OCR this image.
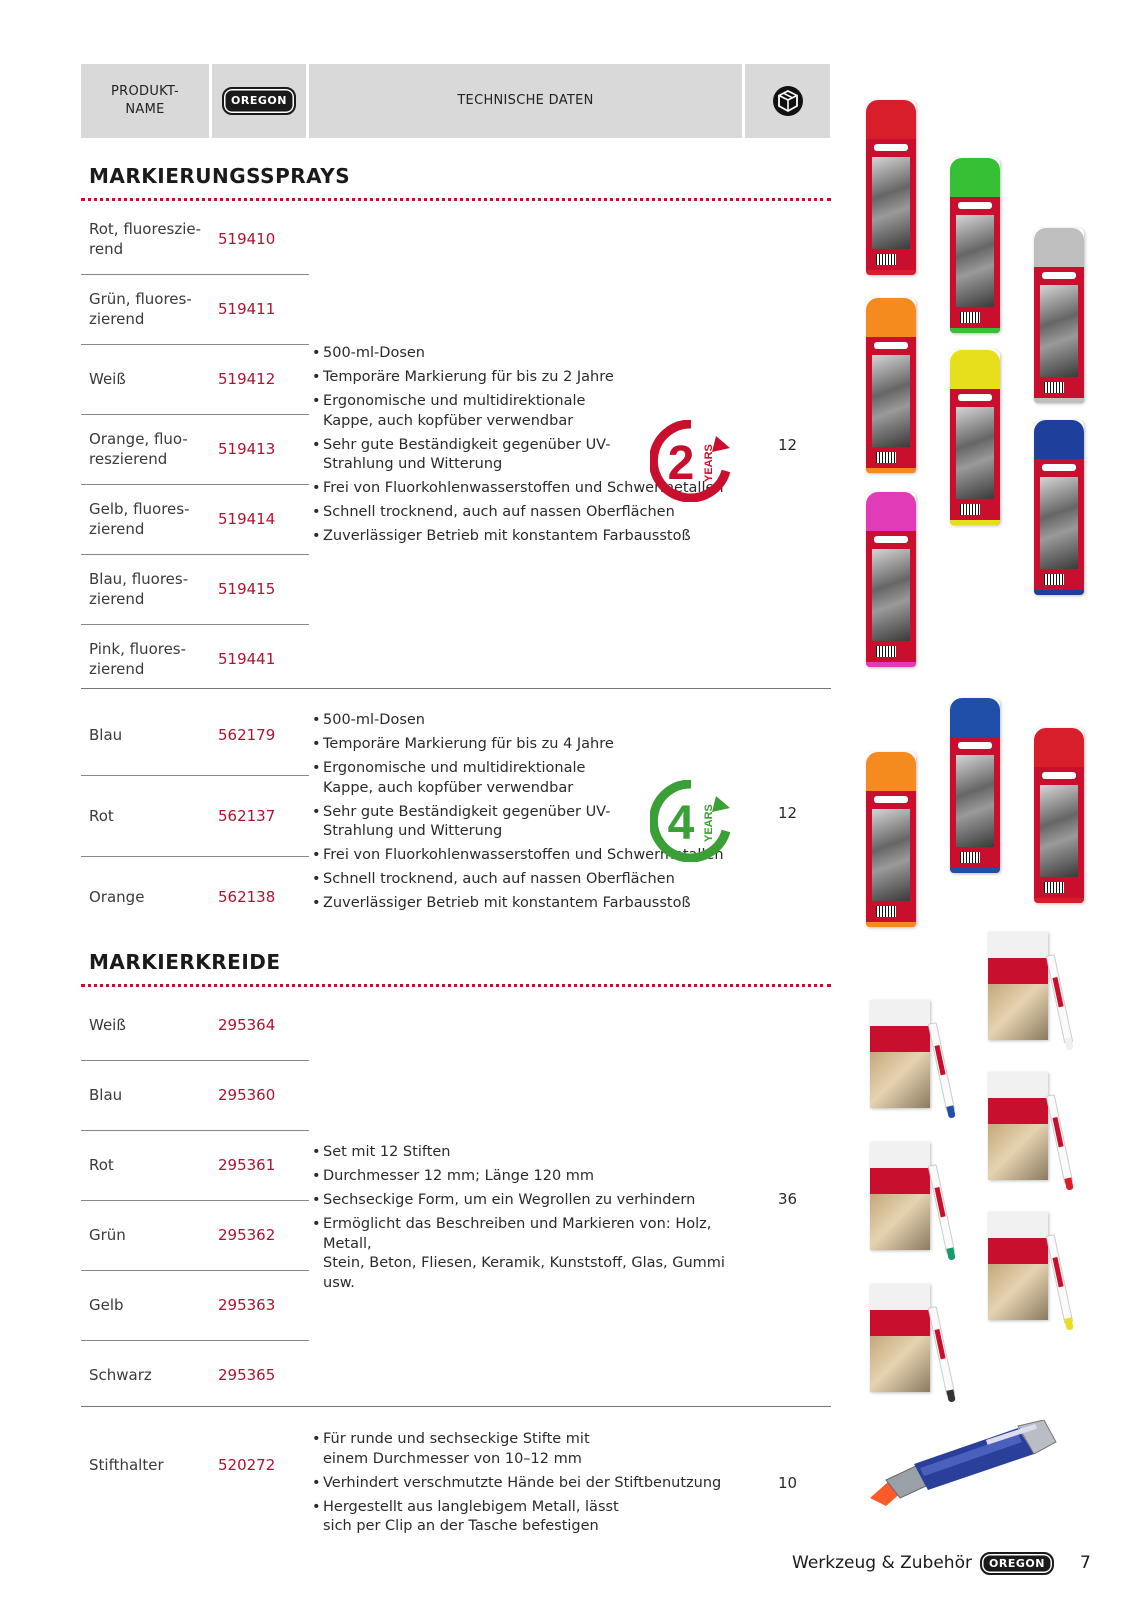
PRODUKT-
NAME
OREGON	TECHNISCHE DATEN
MARKIERUNGSSPRAYS
Rot, fluoreszie-
rend
519410
Grün, fluores-
zierend
519411
Weiß	519412
Orange, fluo-
reszierend
519413
Gelb, fluores-
zierend
519414
Blau, fluores-
zierend
519415
Pink, fluores-
zierend
519441
• 500-ml-Dosen
• Temporäre Markierung für bis zu 2 Jahre
• Ergonomische und multidirektionale
Kappe, auch kopfüber verwendbar
• Sehr gute Beständigkeit gegenüber UV-
Strahlung und Witterung
• Frei von Fluorkohlenwasserstoffen und Schwermetallen
• Schnell trocknend, auch auf nassen Oberflächen
• Zuverlässiger Betrieb mit konstantem Farbausstoß
2 YEARS	12
Blau	562179
Rot	562137
Orange	562138
• 500-ml-Dosen
• Temporäre Markierung für bis zu 4 Jahre
• Ergonomische und multidirektionale
Kappe, auch kopfüber verwendbar
• Sehr gute Beständigkeit gegenüber UV-
Strahlung und Witterung
• Frei von Fluorkohlenwasserstoffen und Schwermetallen
• Schnell trocknend, auch auf nassen Oberflächen
• Zuverlässiger Betrieb mit konstantem Farbausstoß
4 YEARS	12
MARKIERKREIDE
Weiß	295364
Blau	295360
Rot	295361
Grün	295362
Gelb	295363
Schwarz	295365
• Set mit 12 Stiften
• Durchmesser 12 mm; Länge 120 mm
• Sechseckige Form, um ein Wegrollen zu verhindern
• Ermöglicht das Beschreiben und Markieren von: Holz, Metall,
Stein, Beton, Fliesen, Keramik, Kunststoff, Glas, Gummi usw.
36
Stifthalter	520272
• Für runde und sechseckige Stifte mit
einem Durchmesser von 10–12 mm
• Verhindert verschmutzte Hände bei der Stiftbenutzung
• Hergestellt aus langlebigem Metall, lässt
sich per Clip an der Tasche befestigen
10
Werkzeug & Zubehör	OREGON	7
